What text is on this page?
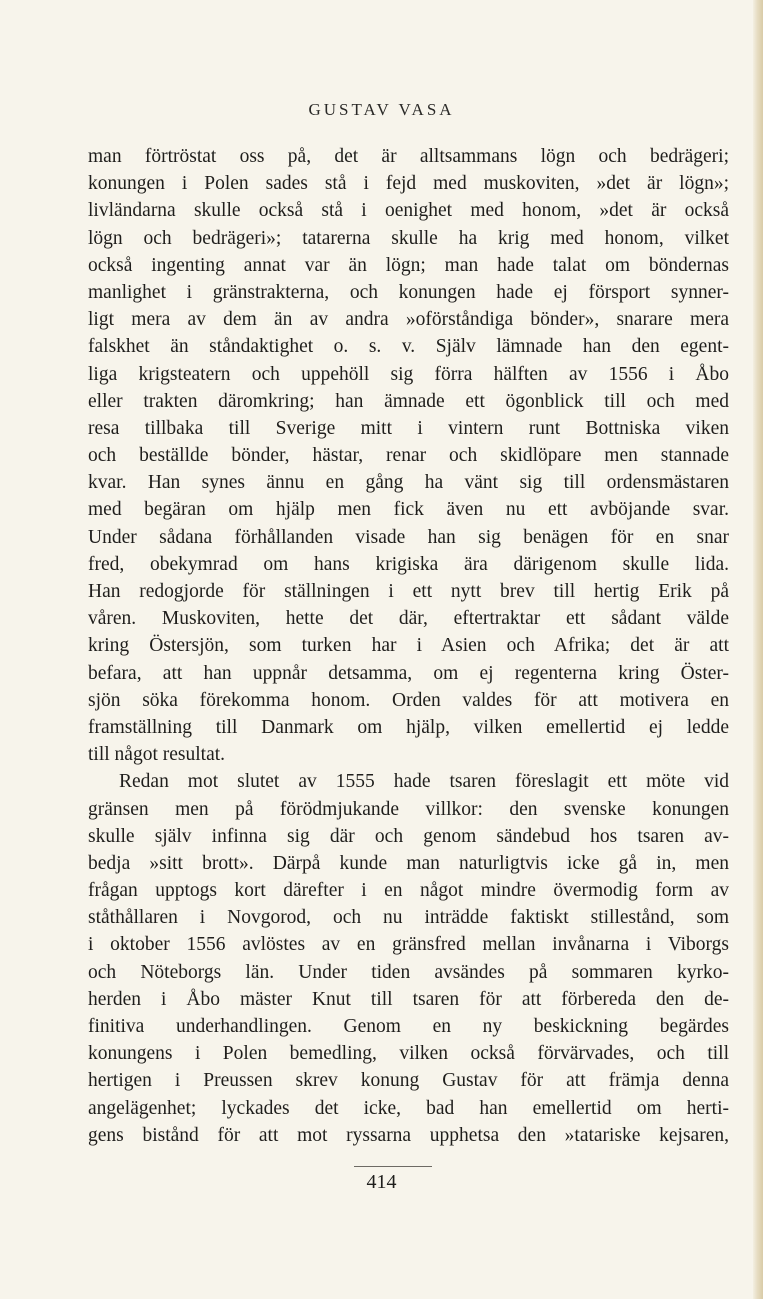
GUSTAV VASA
man förtröstat oss på, det är alltsammans lögn och bedrägeri;
konungen i Polen sades stå i fejd med muskoviten, »det är lögn»;
livländarna skulle också stå i oenighet med honom, »det är också
lögn och bedrägeri»; tatarerna skulle ha krig med honom, vilket
också ingenting annat var än lögn; man hade talat om böndernas
manlighet i gränstrakterna, och konungen hade ej försport synner-
ligt mera av dem än av andra »oförståndiga bönder», snarare mera
falskhet än ståndaktighet o. s. v. Själv lämnade han den egent-
liga krigsteatern och uppehöll sig förra hälften av 1556 i Åbo
eller trakten däromkring; han ämnade ett ögonblick till och med
resa tillbaka till Sverige mitt i vintern runt Bottniska viken
och beställde bönder, hästar, renar och skidlöpare men stannade
kvar. Han synes ännu en gång ha vänt sig till ordensmästaren
med begäran om hjälp men fick även nu ett avböjande svar.
Under sådana förhållanden visade han sig benägen för en snar
fred, obekymrad om hans krigiska ära därigenom skulle lida.
Han redogjorde för ställningen i ett nytt brev till hertig Erik på
våren. Muskoviten, hette det där, eftertraktar ett sådant välde
kring Östersjön, som turken har i Asien och Afrika; det är att
befara, att han uppnår detsamma, om ej regenterna kring Öster-
sjön söka förekomma honom. Orden valdes för att motivera en
framställning till Danmark om hjälp, vilken emellertid ej ledde
till något resultat.
Redan mot slutet av 1555 hade tsaren föreslagit ett möte vid
gränsen men på förödmjukande villkor: den svenske konungen
skulle själv infinna sig där och genom sändebud hos tsaren av-
bedja »sitt brott». Därpå kunde man naturligtvis icke gå in, men
frågan upptogs kort därefter i en något mindre övermodig form av
ståthållaren i Novgorod, och nu inträdde faktiskt stillestånd, som
i oktober 1556 avlöstes av en gränsfred mellan invånarna i Viborgs
och Nöteborgs län. Under tiden avsändes på sommaren kyrko-
herden i Åbo mäster Knut till tsaren för att förbereda den de-
finitiva underhandlingen. Genom en ny beskickning begärdes
konungens i Polen bemedling, vilken också förvärvades, och till
hertigen i Preussen skrev konung Gustav för att främja denna
angelägenhet; lyckades det icke, bad han emellertid om herti-
gens bistånd för att mot ryssarna upphetsa den »tatariske kejsaren,
414
